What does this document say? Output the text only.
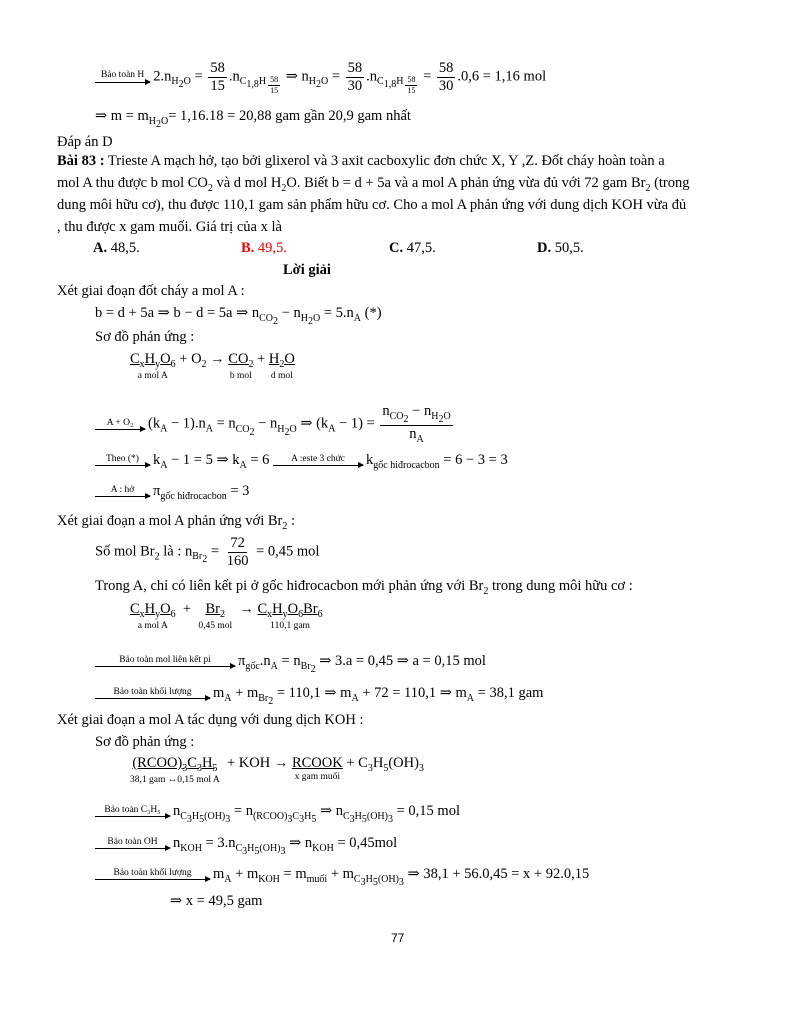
Bảo toàn H $2.n_{H_2O} = \frac{58}{15} .n_{C_{1,8}H _{\frac{58}{15}}}$ ⇒ $n_{H_2O} = \frac{58}{30} .n_{C_{1,8}H _{\frac{58}{15}}} = \frac{58}{30} .0,6 = 1,16$ mol
⇒ $m = m_{H_2O}= 1,16.18 = 20,88$ gam gần 20,9 gam nhất
Đáp án D
Bài 83 : Trieste A mạch hở, tạo bởi glixerol và 3 axit cacboxylic đơn chức X, Y ,Z. Đốt cháy hoàn toàn a
mol A thu được b mol $CO_2$ và d mol $H_2O$. Biết b = d + 5a và a mol A phản ứng vừa đủ với 72 gam $Br_2$ (trong
dung môi hữu cơ), thu được 110,1 gam sản phẩm hữu cơ. Cho a mol A phản ứng với dung dịch KOH vừa đủ
, thu được x gam muối. Giá trị của x là
A. 48,5.	B. 49,5.	C. 47,5.	D. 50,5.
Lời giải
Xét giai đoạn đốt cháy a mol A :
b = d + 5a ⇒ b − d = 5a ⇒ $n_{CO_2} - n_{H_2O} = 5.n_A$ (*)
Sơ đồ phản ứng :
$C_xH_yO_6$
a mol A
+ $O_2 \to CO_2$
b mol
+ $H_2O$
d mol
A + O₂	$(k_A - 1).n_A = n_{CO_2} - n_{H_2O}$ ⇒ $(k_A - 1) = \frac{n_{CO_2} - n_{H_2O}}{n_A}$
Theo (*) $k_A - 1 = 5$ ⇒ $k_A = 6$	A :este 3 chức	$k_{gốc hiđrocacbon} = 6 - 3 = 3$
A : hở	$\pi_{gốc hiđrocacbon} = 3$
Xét giai đoạn a mol A phản ứng với $Br_2$ :
Số mol $Br_2$ là : $n_{Br_2} = \frac{72}{160} = 0,45$ mol
Trong A, chỉ có liên kết pi ở gốc hiđrocacbon mới phản ứng với $Br_2$ trong dung môi hữu cơ :
$C_xH_yO_6$
a mol A
+ $Br_2$
0,45 mol
→ $C_xH_yO_6Br_6$
110,1 gam
Bảo toàn mol liên kết pi	$\pi_{gốc}.n_A = n_{Br_2}$ ⇒ 3.a = 0,45 ⇒ a = 0,15 mol
Bảo toàn khối lượng	$m_A + m_{Br_2} = 110,1$ ⇒ $m_A + 72 = 110,1$ ⇒ $m_A = 38,1$ gam
Xét giai đoạn a mol A tác dụng với dung dịch KOH :
Sơ đồ phản ứng :
$(RCOO)_3C_3H_5$
38,1 gam ↔0,15 mol A
+ KOH → RCOOK
x gam muối
+ $C_3H_5(OH)_3$
Bảo toàn C₃H₅ $n_{C_3H_5(OH)_3} = n_{(RCOO)_3C_3H_5}$ ⇒ $n_{C_3H_5(OH)_3} = 0,15$ mol
Bảo toàn OH	$n_{KOH} = 3.n_{C_3H_5(OH)_3}$ ⇒ $n_{KOH} = 0,45mol$
Bảo toàn khối lượng	$m_A + m_{KOH} = m_{muối} + m_{C_3H_5(OH)_3}$ ⇒ 38,1 + 56.0,45 = x + 92.0,15
⇒ x = 49,5 gam
77
